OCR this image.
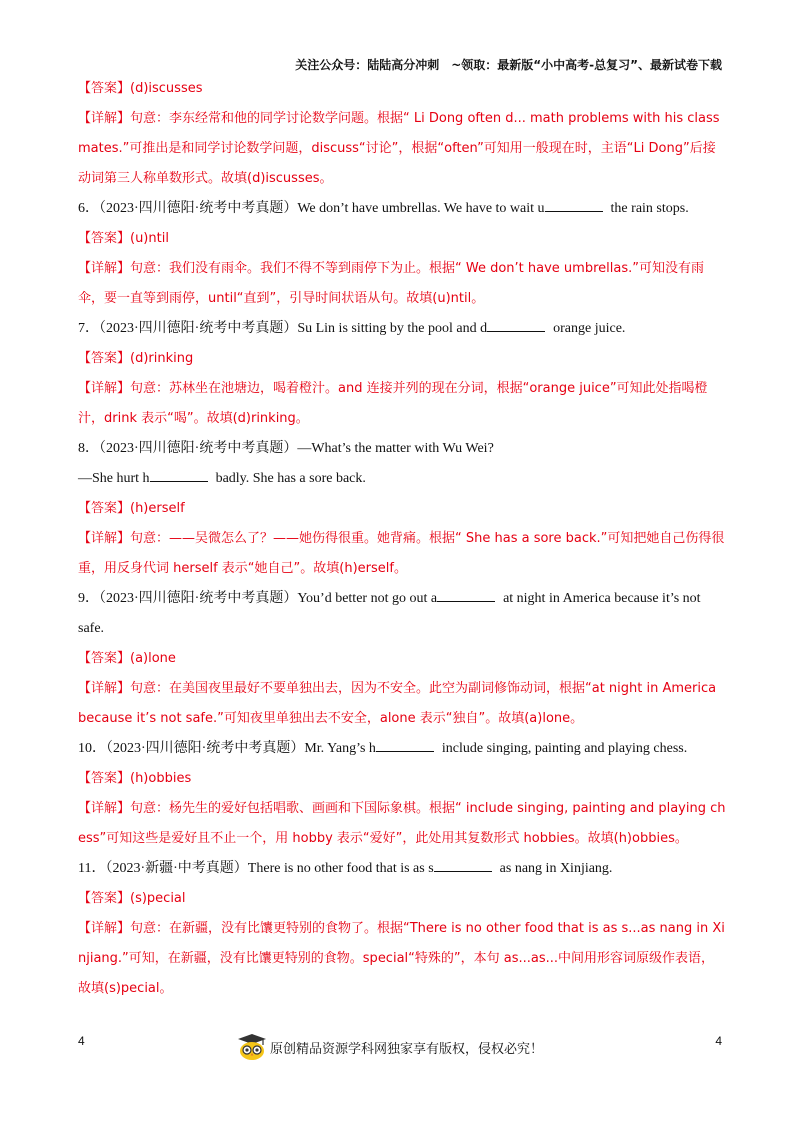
关注公众号：陆陆高分冲刺　~领取：最新版“小中高考-总复习”、最新试卷下载

【答案】(d)iscusses

【详解】句意：李东经常和他的同学讨论数学问题。根据“ Li Dong often d... math problems with his classmates.”可推出是和同学讨论数学问题，discuss“讨论”，根据“often”可知用一般现在时，主语“Li Dong”后接动词第三人称单数形式。故填(d)iscusses。

6．（2023·四川德阳·统考中考真题）We don’t have umbrellas. We have to wait u	the rain stops.

【答案】(u)ntil

【详解】句意：我们没有雨伞。我们不得不等到雨停下为止。根据“ We don’t have umbrellas.”可知没有雨伞，要一直等到雨停，until“直到”，引导时间状语从句。故填(u)ntil。

7．（2023·四川德阳·统考中考真题）Su Lin is sitting by the pool and d	orange juice.

【答案】(d)rinking

【详解】句意：苏林坐在池塘边，喝着橙汁。and 连接并列的现在分词，根据“orange juice”可知此处指喝橙汁，drink 表示“喝”。故填(d)rinking。

8．（2023·四川德阳·统考中考真题）—What’s the matter with Wu Wei?

—She hurt h	badly. She has a sore back.

【答案】(h)erself

【详解】句意：——吴微怎么了？——她伤得很重。她背痛。根据“ She has a sore back.”可知把她自己伤得很重，用反身代词 herself 表示“她自己”。故填(h)erself。

9．（2023·四川德阳·统考中考真题）You’d better not go out a	at night in America because it’s not safe.

【答案】(a)lone

【详解】句意：在美国夜里最好不要单独出去，因为不安全。此空为副词修饰动词，根据“at night in America because it’s not safe.”可知夜里单独出去不安全，alone 表示“独自”。故填(a)lone。

10．（2023·四川德阳·统考中考真题）Mr. Yang’s h	include singing, painting and playing chess.

【答案】(h)obbies

【详解】句意：杨先生的爱好包括唱歌、画画和下国际象棋。根据“ include singing, painting and playing chess”可知这些是爱好且不止一个，用 hobby 表示“爱好”，此处用其复数形式 hobbies。故填(h)obbies。

11．（2023·新疆·中考真题）There is no other food that is as s	as nang in Xinjiang.

【答案】(s)pecial

【详解】句意：在新疆，没有比馕更特别的食物了。根据“There is no other food that is as s...as nang in Xinjiang.”可知，在新疆，没有比馕更特别的食物。special“特殊的”，本句 as...as...中间用形容词原级作表语，故填(s)pecial。

4	4
原创精品资源学科网独家享有版权，侵权必究！
